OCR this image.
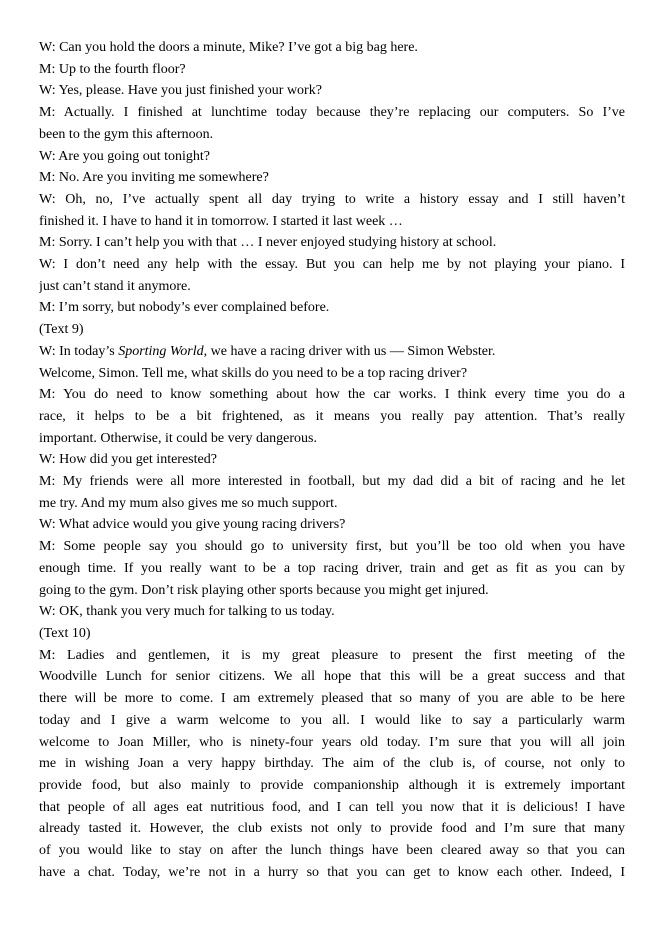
W: Can you hold the doors a minute, Mike? I’ve got a big bag here.
M: Up to the fourth floor?
W: Yes, please. Have you just finished your work?
M: Actually. I finished at lunchtime today because they’re replacing our computers. So I’ve
been to the gym this afternoon.
W: Are you going out tonight?
M: No. Are you inviting me somewhere?
W: Oh, no, I’ve actually spent all day trying to write a history essay and I still haven’t
finished it. I have to hand it in tomorrow. I started it last week …
M: Sorry. I can’t help you with that … I never enjoyed studying history at school.
W: I don’t need any help with the essay. But you can help me by not playing your piano. I
just can’t stand it anymore.
M: I’m sorry, but nobody’s ever complained before.
(Text 9)
W: In today’s Sporting World, we have a racing driver with us — Simon Webster.
Welcome, Simon. Tell me, what skills do you need to be a top racing driver?
M: You do need to know something about how the car works. I think every time you do a
race, it helps to be a bit frightened, as it means you really pay attention. That’s really
important. Otherwise, it could be very dangerous.
W: How did you get interested?
M: My friends were all more interested in football, but my dad did a bit of racing and he let
me try. And my mum also gives me so much support.
W: What advice would you give young racing drivers?
M: Some people say you should go to university first, but you’ll be too old when you have
enough time. If you really want to be a top racing driver, train and get as fit as you can by
going to the gym. Don’t risk playing other sports because you might get injured.
W: OK, thank you very much for talking to us today.
(Text 10)
M: Ladies and gentlemen, it is my great pleasure to present the first meeting of the
Woodville Lunch for senior citizens. We all hope that this will be a great success and that
there will be more to come. I am extremely pleased that so many of you are able to be here
today and I give a warm welcome to you all. I would like to say a particularly warm
welcome to Joan Miller, who is ninety-four years old today. I’m sure that you will all join
me in wishing Joan a very happy birthday. The aim of the club is, of course, not only to
provide food, but also mainly to provide companionship although it is extremely important
that people of all ages eat nutritious food, and I can tell you now that it is delicious! I have
already tasted it. However, the club exists not only to provide food and I’m sure that many
of you would like to stay on after the lunch things have been cleared away so that you can
have a chat. Today, we’re not in a hurry so that you can get to know each other. Indeed, I
